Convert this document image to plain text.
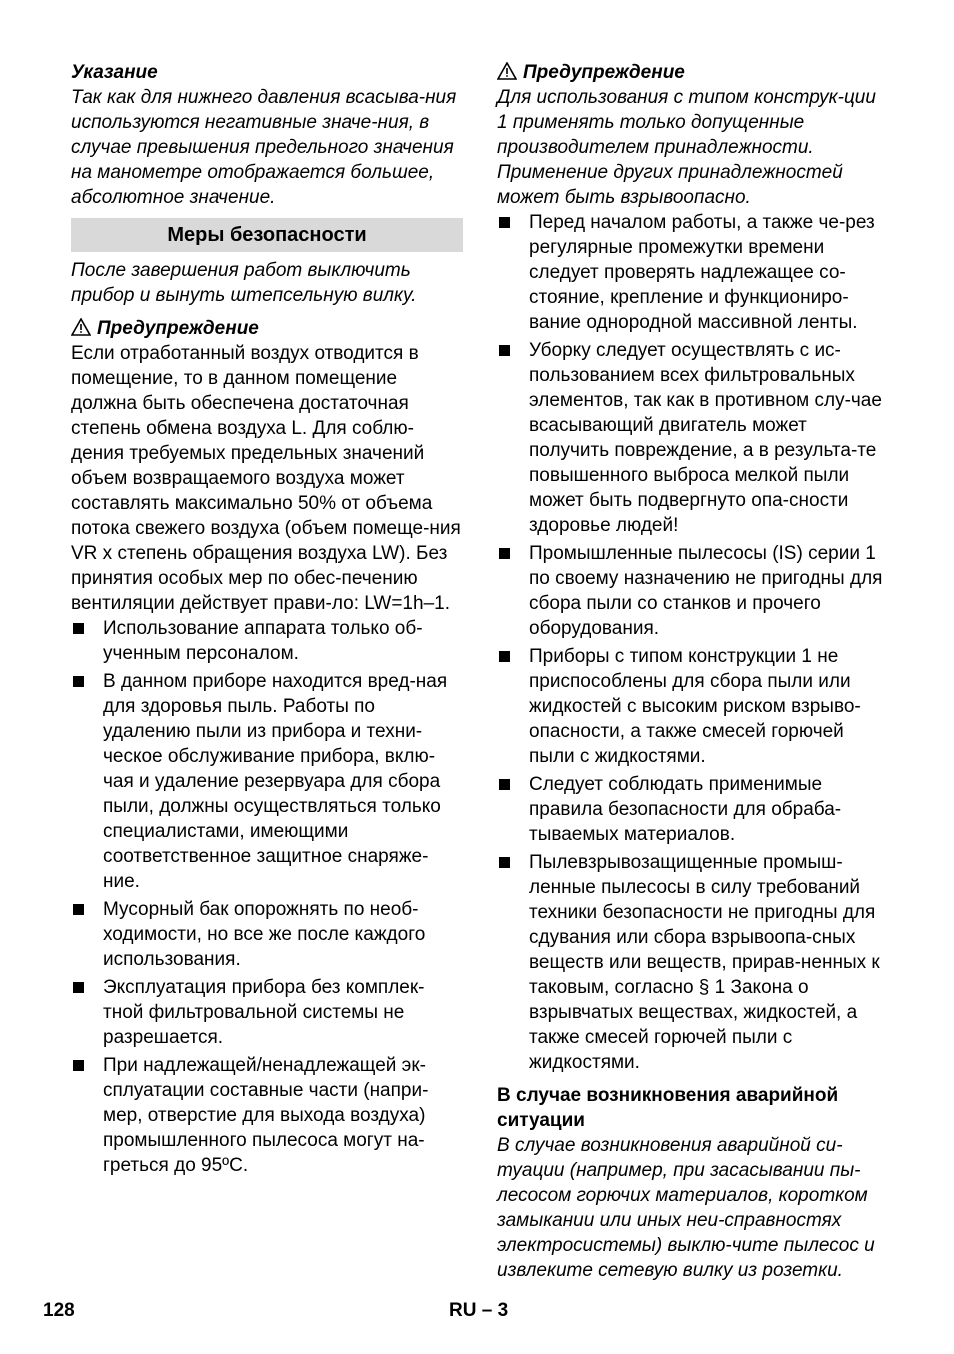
Указание

Так как для нижнего давления всасыва-ния используются негативные значе-ния, в случае превышения предельного значения на манометре отображается большее, абсолютное значение.

Меры безопасности

После завершения работ выключить прибор и вынуть штепсельную вилку.

Предупреждение

Если отработанный воздух отводится в помещение, то в данном помещение должна быть обеспечена достаточная степень обмена воздуха L. Для соблю-дения требуемых предельных значений объем возвращаемого воздуха может составлять максимально 50% от объема потока свежего воздуха (объем помеще-ния VR x степень обращения воздуха LW). Без принятия особых мер по обес-печению вентиляции действует прави-ло: LW=1h–1.

Использование аппарата только об-ученным персоналом.
В данном приборе находится вред-ная для здоровья пыль. Работы по удалению пыли из прибора и техни-ческое обслуживание прибора, вклю-чая и удаление резервуара для сбора пыли, должны осуществляться только специалистами, имеющими соответственное защитное снаряже-ние.
Мусорный бак опорожнять по необ-ходимости, но все же после каждого использования.
Эксплуатация прибора без комплек-тной фильтровальной системы не разрешается.
При надлежащей/ненадлежащей эк-сплуатации составные части (напри-мер, отверстие для выхода воздуха) промышленного пылесоса могут на-греться до 95ºC.

Предупреждение

Для использования с типом конструк-ции 1 применять только допущенные производителем принадлежности. Применение других принадлежностей может быть взрывоопасно.

Перед началом работы, а также че-рез регулярные промежутки времени следует проверять надлежащее со-стояние, крепление и функциониро-вание однородной массивной ленты.
Уборку следует осуществлять с ис-пользованием всех фильтровальных элементов, так как в противном слу-чае всасывающий двигатель может получить повреждение, а в результа-те повышенного выброса мелкой пыли может быть подвергнуто опа-сности здоровье людей!
Промышленные пылесосы (IS) серии 1 по своему назначению не пригодны для сбора пыли со станков и прочего оборудования.
Приборы с типом конструкции 1 не приспособлены для сбора пыли или жидкостей с высоким риском взрыво-опасности, а также смесей горючей пыли с жидкостями.
Следует соблюдать применимые правила безопасности для обраба-тываемых материалов.
Пылевзрывозащищенные промыш-ленные пылесосы в силу требований техники безопасности не пригодны для сдувания или сбора взрывоопа-сных веществ или веществ, прирав-ненных к таковым, согласно § 1 Закона о взрывчатых веществах, жидкостей, а также смесей горючей пыли с жидкостями.

В случае возникновения аварийной ситуации

В случае возникновения аварийной си-туации (например, при засасывании пы-лесосом горючих материалов, коротком замыкании или иных неи-справностях электросистемы) выклю-чите пылесос и извлеките сетевую вилку из розетки.

128	RU – 3
